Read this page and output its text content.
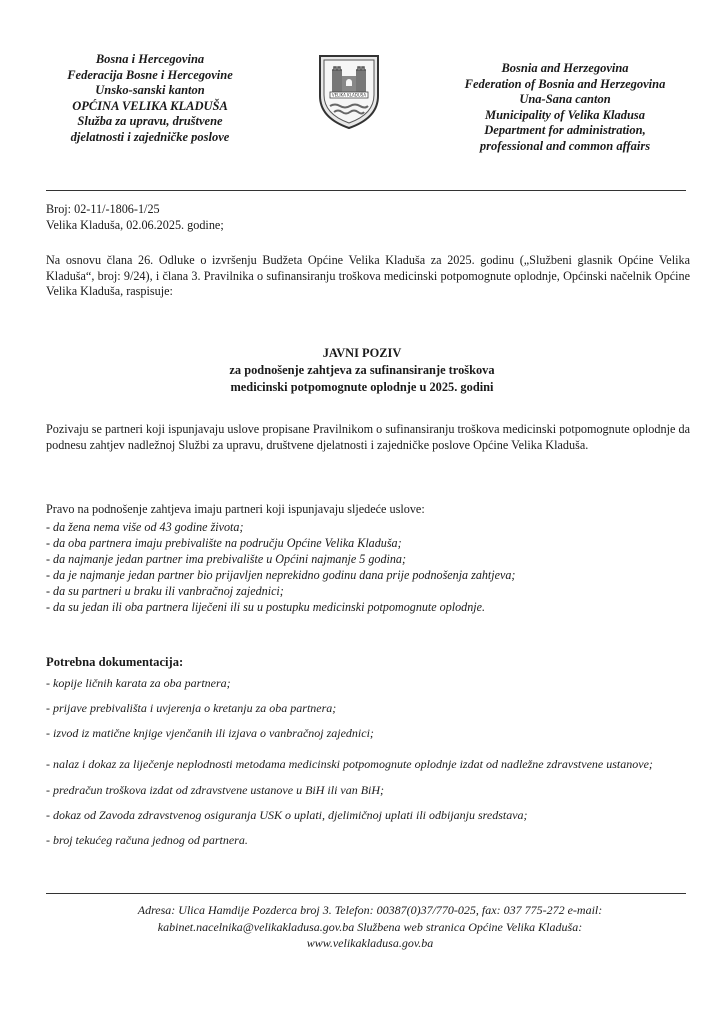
Bosna i Hercegovina
Federacija Bosne i Hercegovine
Unsko-sanski kanton
OPĆINA VELIKA KLADUŠA
Služba za upravu, društvene
djelatnosti i zajedničke poslove
VELIKA KLADUŠA
Bosnia and Herzegovina
Federation of Bosnia and Herzegovina
Una-Sana canton
Municipality of Velika Kladusa
Department for administration,
professional and common affairs
Broj: 02-11/-1806-1/25
Velika Kladuša, 02.06.2025. godine;
Na osnovu člana 26. Odluke o izvršenju Budžeta Općine Velika Kladuša za 2025. godinu („Službeni glasnik Općine Velika Kladuša“, broj: 9/24), i člana 3. Pravilnika o sufinansiranju troškova medicinski potpomognute oplodnje, Općinski načelnik Općine Velika Kladuša, raspisuje:
JAVNI POZIV
za podnošenje zahtjeva za sufinansiranje troškova
medicinski potpomognute oplodnje u 2025. godini
Pozivaju se partneri koji ispunjavaju uslove propisane Pravilnikom o sufinansiranju troškova medicinski potpomognute oplodnje da podnesu zahtjev nadležnoj Službi za upravu, društvene djelatnosti i zajedničke poslove Općine Velika Kladuša.
Pravo na podnošenje zahtjeva imaju partneri koji ispunjavaju sljedeće uslove:
- da žena nema više od 43 godine života;
- da oba partnera imaju prebivalište na području Općine Velika Kladuša;
- da najmanje jedan partner ima prebivalište u Općini najmanje 5 godina;
- da je najmanje jedan partner bio prijavljen neprekidno godinu dana prije podnošenja zahtjeva;
- da su partneri u braku ili vanbračnoj zajednici;
- da su jedan ili oba partnera liječeni ili su u postupku medicinski potpomognute oplodnje.
Potrebna dokumentacija:
- kopije ličnih karata za oba partnera;
- prijave prebivališta i uvjerenja o kretanju za oba partnera;
- izvod iz matične knjige vjenčanih ili izjava o vanbračnoj zajednici;
- nalaz i dokaz za liječenje neplodnosti metodama medicinski potpomognute oplodnje izdat od nadležne zdravstvene ustanove;
- predračun troškova izdat od zdravstvene ustanove u BiH ili van BiH;
- dokaz od Zavoda zdravstvenog osiguranja USK o uplati, djelimičnoj uplati ili odbijanju sredstava;
- broj tekućeg računa jednog od partnera.
Adresa: Ulica Hamdije Pozderca broj 3. Telefon: 00387(0)37/770-025, fax: 037 775-272 e-mail:
kabinet.nacelnika@velikakladusa.gov.ba Službena web stranica Općine Velika Kladuša:
www.velikakladusa.gov.ba
